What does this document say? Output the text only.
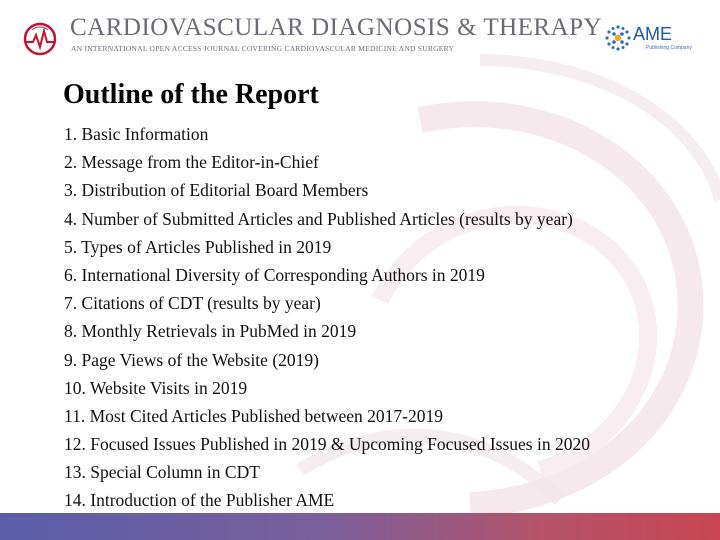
CARDIOVASCULAR DIAGNOSIS & THERAPY
AN INTERNATIONAL OPEN ACCESS JOURNAL COVERING CARDIOVASCULAR MEDICINE AND SURGERY
AME
Publishing Company
Outline of the Report
1. Basic Information
2. Message from the Editor-in-Chief
3. Distribution of Editorial Board Members
4. Number of Submitted Articles and Published Articles (results by year)
5. Types of Articles Published in 2019
6. International Diversity of Corresponding Authors in 2019
7. Citations of CDT (results by year)
8. Monthly Retrievals in PubMed in 2019
9. Page Views of the Website (2019)
10. Website Visits in 2019
11. Most Cited Articles Published between 2017-2019
12. Focused Issues Published in 2019 & Upcoming Focused Issues in 2020
13. Special Column in CDT
14. Introduction of the Publisher AME
